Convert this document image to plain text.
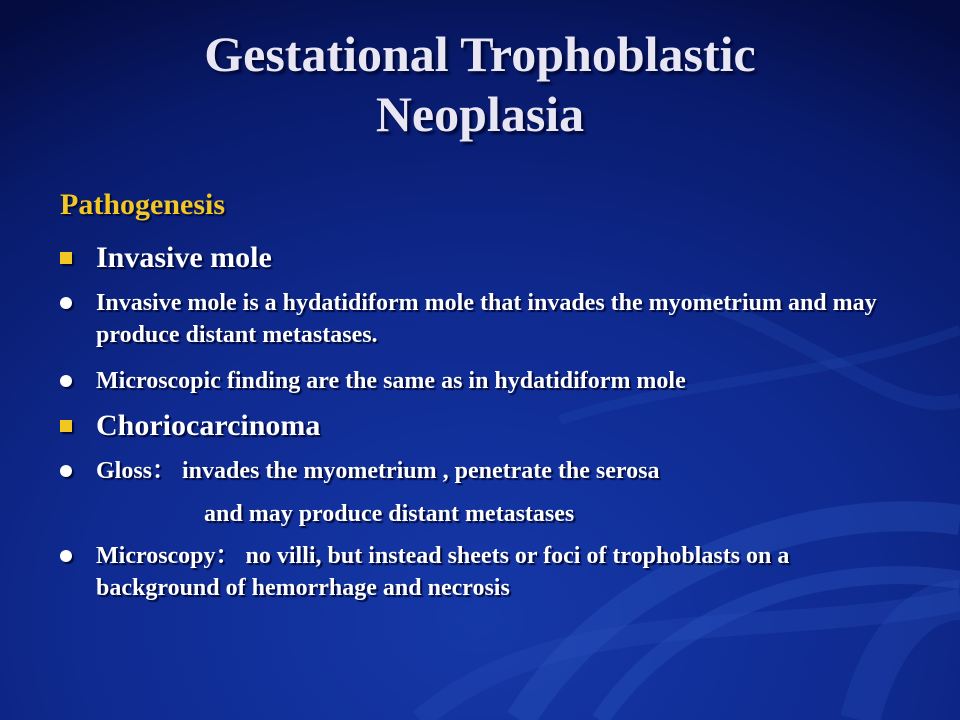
Gestational Trophoblastic
Neoplasia
Pathogenesis
Invasive mole
Invasive mole is a hydatidiform mole that invades the myometrium and may produce distant metastases.
Microscopic finding are the same as in hydatidiform mole
Choriocarcinoma
Gloss： invades the myometrium , penetrate the serosa
and may produce distant metastases
Microscopy： no villi, but instead sheets or foci of trophoblasts on a background of hemorrhage and necrosis
